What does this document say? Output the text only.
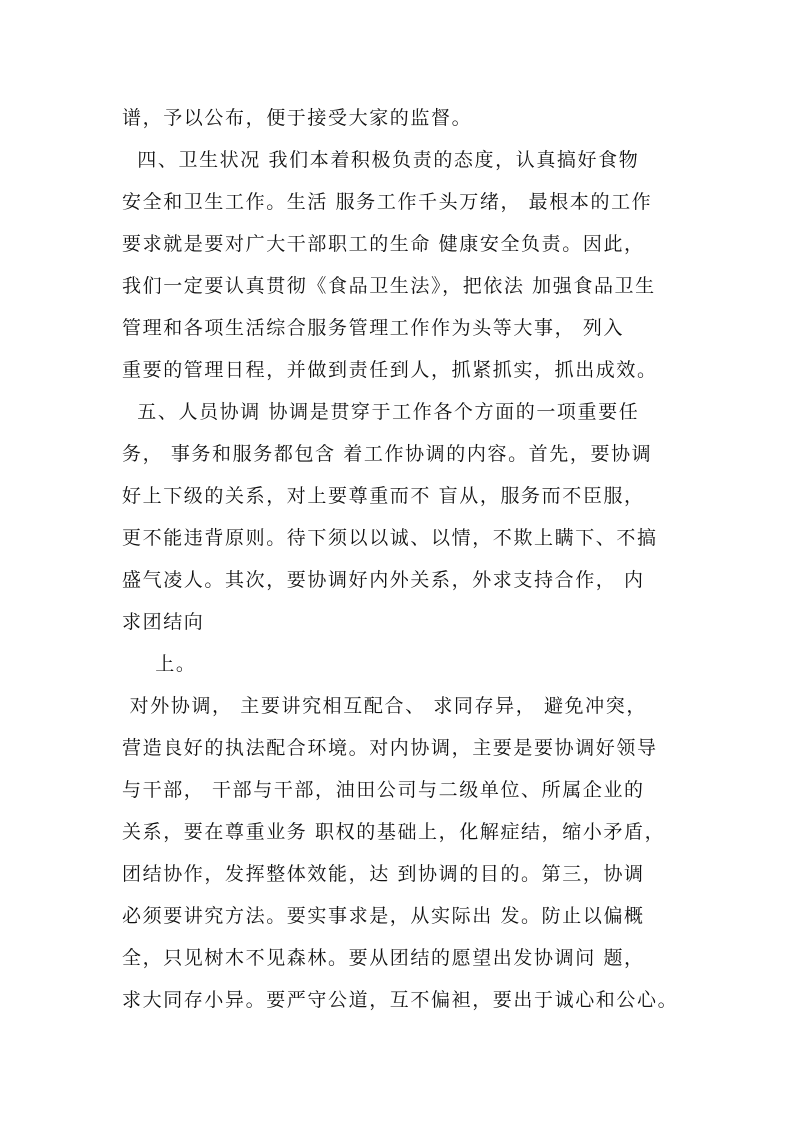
谱，予以公布，便于接受大家的监督。
四、卫生状况 我们本着积极负责的态度，认真搞好食物
安全和卫生工作。生活 服务工作千头万绪， 最根本的工作
要求就是要对广大干部职工的生命 健康安全负责。因此，
我们一定要认真贯彻《食品卫生法》，把依法 加强食品卫生
管理和各项生活综合服务管理工作作为头等大事， 列入
重要的管理日程，并做到责任到人，抓紧抓实，抓出成效。
五、人员协调 协调是贯穿于工作各个方面的一项重要任
务， 事务和服务都包含 着工作协调的内容。首先，要协调
好上下级的关系，对上要尊重而不 盲从，服务而不臣服，
更不能违背原则。待下须以以诚、以情，不欺上瞒下、不搞
盛气凌人。其次，要协调好内外关系，外求支持合作， 内
求团结向
上。
对外协调， 主要讲究相互配合、 求同存异， 避免冲突，
营造良好的执法配合环境。对内协调，主要是要协调好领导
与干部， 干部与干部，油田公司与二级单位、所属企业的
关系，要在尊重业务 职权的基础上，化解症结，缩小矛盾，
团结协作，发挥整体效能，达 到协调的目的。第三，协调
必须要讲究方法。要实事求是，从实际出 发。防止以偏概
全，只见树木不见森林。要从团结的愿望出发协调问 题，
求大同存小异。要严守公道，互不偏袒，要出于诚心和公心。
